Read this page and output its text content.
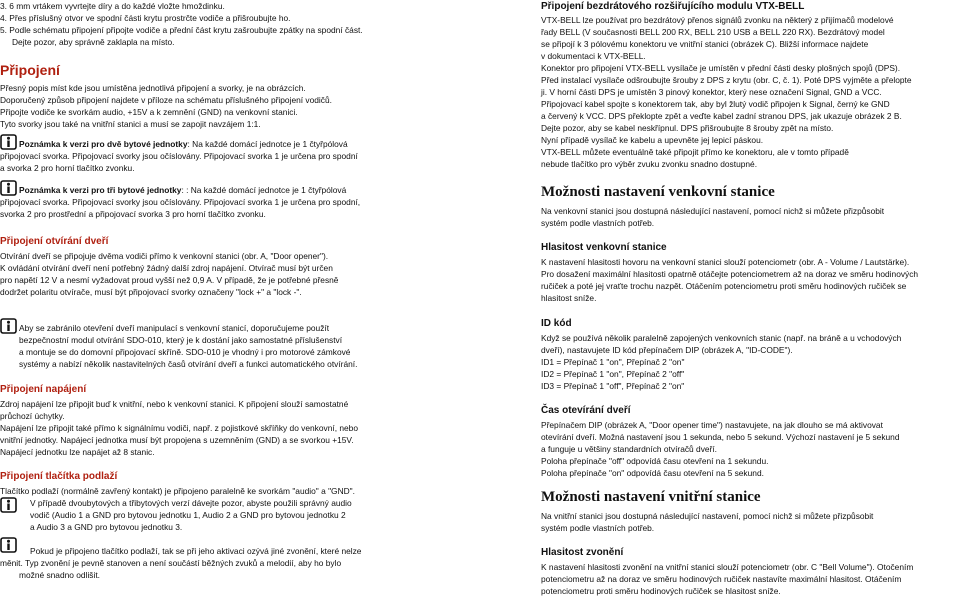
3. 6 mm vrtákem vyvrtejte díry a do každé vložte hmoždinku.

4. Přes příslušný otvor ve spodní části krytu prostrčte vodiče a přišroubujte ho.

5. Podle schématu připojení připojte vodiče a přední část krytu zašroubujte zpátky na spodní část.

Dejte pozor, aby správně zaklapla na místo.

Připojení

Přesný popis míst kde jsou umístěna jednotlivá připojení a svorky, je na obrázcích.

Doporučený způsob připojení najdete v příloze na schématu příslušného připojení vodičů.

Připojte vodiče ke svorkám audio, +15V a k zemnění (GND) na venkovní stanici.

Tyto svorky jsou také na vnitřní stanici a musí se zapojit navzájem 1:1.

Poznámka k verzi pro dvě bytové jednotky: Na každé domácí jednotce je 1 čtyřpólová

připojovací svorka. Připojovací svorky jsou očíslovány. Připojovací svorka 1 je určena pro spodní

a svorka 2 pro horní tlačítko zvonku.

Poznámka k verzi pro tři bytové jednotky: : Na každé domácí jednotce je 1 čtyřpólová

připojovací svorka. Připojovací svorky jsou očíslovány. Připojovací svorka 1 je určena pro spodní,

svorka 2 pro prostřední a připojovací svorka 3 pro horní tlačítko zvonku.

Připojení otvírání dveří

Otvírání dveří se připojuje dvěma vodiči přímo k venkovní stanici (obr. A, "Door opener").

K ovládání otvírání dveří není potřebný žádný další zdroj napájení. Otvírač musí být určen

pro napětí 12 V a nesmí vyžadovat proud vyšší než 0,9 A. V případě, že je potřebné přesně

dodržet polaritu otvírače, musí být připojovací svorky označeny "lock +" a "lock -".

Aby se zabránilo otevření dveří manipulací s venkovní stanicí, doporučujeme použít

bezpečnostní modul otvírání SDO-010, který je k dostání jako samostatné příslušenství

a montuje se do domovní připojovací skříně. SDO-010 je vhodný i pro motorové zámkové

systémy a nabízí několik nastavitelných časů otvírání dveří a funkci automatického otvírání.

Připojení napájení

Zdroj napájení lze připojit buď k vnitřní, nebo k venkovní stanici. K připojení slouží samostatné

průchozí úchytky.

Napájení lze připojit také přímo k signálnímu vodiči, např. z pojistkové skříňky do venkovní, nebo

vnitřní jednotky. Napájecí jednotka musí být propojena s uzemněním (GND) a se svorkou +15V.

Napájecí jednotku lze napájet až 8 stanic.

Připojení tlačítka podlaží

Tlačítko podlaží (normálně zavřený kontakt) je připojeno paralelně ke svorkám "audio" a "GND".

V případě dvoubytových a třibytových verzí dávejte pozor, abyste použili správný audio

vodič (Audio 1 a GND pro bytovou jednotku 1, Audio 2 a GND pro bytovou jednotku 2

a Audio 3 a GND pro bytovou jednotku 3.

Pokud je připojeno tlačítko podlaží, tak se při jeho aktivaci ozývá jiné zvonění, které nelze

měnit. Typ zvonění je pevně stanoven a není součástí běžných zvuků a melodií, aby ho bylo

možné snadno odlišit.

Připojení bezdrátového rozšiřujícího modulu VTX-BELL

VTX-BELL lze používat pro bezdrátový přenos signálů zvonku na některý z přijímačů modelové

řady BELL (V současnosti BELL 200 RX, BELL 210 USB a BELL 220 RX). Bezdrátový model

se připojí k 3 pólovému konektoru ve vnitřní stanici (obrázek C). Bližší informace najdete

v dokumentaci k VTX-BELL.

Konektor pro připojení VTX-BELL vysílače je umístěn v přední části desky plošných spojů (DPS).

Před instalací vysílače odšroubujte šrouby z DPS z krytu (obr. C, č. 1). Poté DPS vyjměte a přeloptе

ji. V horní části DPS je umístěn 3 pinový konektor, který nese označení Signal, GND a VCC.

Připojovací kabel spojte s konektorem tak, aby byl žlutý vodič připojen k Signal, černý ke GND

a červený k VCC. DPS překlopte zpět a veďte kabel zadní stranou DPS, jak ukazuje obrázek 2 B.

Dejte pozor, aby se kabel neskřípnul. DPS přišroubujte 8 šrouby zpět na místo.

Nyní případě vysílač ke kabelu a upevněte jej lepicí páskou.

VTX-BELL můžete eventuálně také připojit přímo ke konektoru, ale v tomto případě

nebude tlačítko pro výběr zvuku zvonku snadno dostupné.

Možnosti nastavení venkovní stanice

Na venkovní stanici jsou dostupná následující nastavení, pomocí nichž si můžete přizpůsobit

systém podle vlastních potřeb.

Hlasitost venkovní stanice

K nastavení hlasitosti hovoru na venkovní stanici slouží potenciometr (obr. A - Volume / Lautstärke).

Pro dosažení maximální hlasitosti opatrně otáčejte potenciometrem až na doraz ve směru hodinových

ručiček a poté jej vraťte trochu nazpět. Otáčením potenciometru proti směru hodinových ručiček se

hlasitost sníže.

ID kód

Když se používá několik paralelně zapojených venkovních stanic (např. na bráně a u vchodových

dveří), nastavujete ID kód přepínačem DIP (obrázek A, "ID-CODE").

ID1 = Přepínač 1 "on", Přepínač 2 "on"

ID2 = Přepínač 1 "on", Přepínač 2 "off"

ID3 = Přepínač 1 "off", Přepínač 2 "on"

Čas otevírání dveří

Přepínačem DIP (obrázek A, "Door opener time") nastavujete, na jak dlouho se má aktivovat

otevírání dveří. Možná nastavení jsou 1 sekunda, nebo 5 sekund. Výchozí nastavení je 5 sekund

a funguje u většiny standardních otvíračů dveří.

Poloha přepínače "off" odpovídá času otevření na 1 sekundu.

Poloha přepínače "on" odpovídá času otevření na 5 sekund.

Možnosti nastavení vnitřní stanice

Na vnitřní stanici jsou dostupná následující nastavení, pomocí nichž si můžete přizpůsobit

systém podle vlastních potřeb.

Hlasitost zvonění

K nastavení hlasitosti zvonění na vnitřní stanici slouží potenciometr (obr. C "Bell Volume"). Otočením

potenciometru až na doraz ve směru hodinových ručiček nastavíte maximální hlasitost. Otáčením

potenciometru proti směru hodinových ručiček se hlasitost sníže.
